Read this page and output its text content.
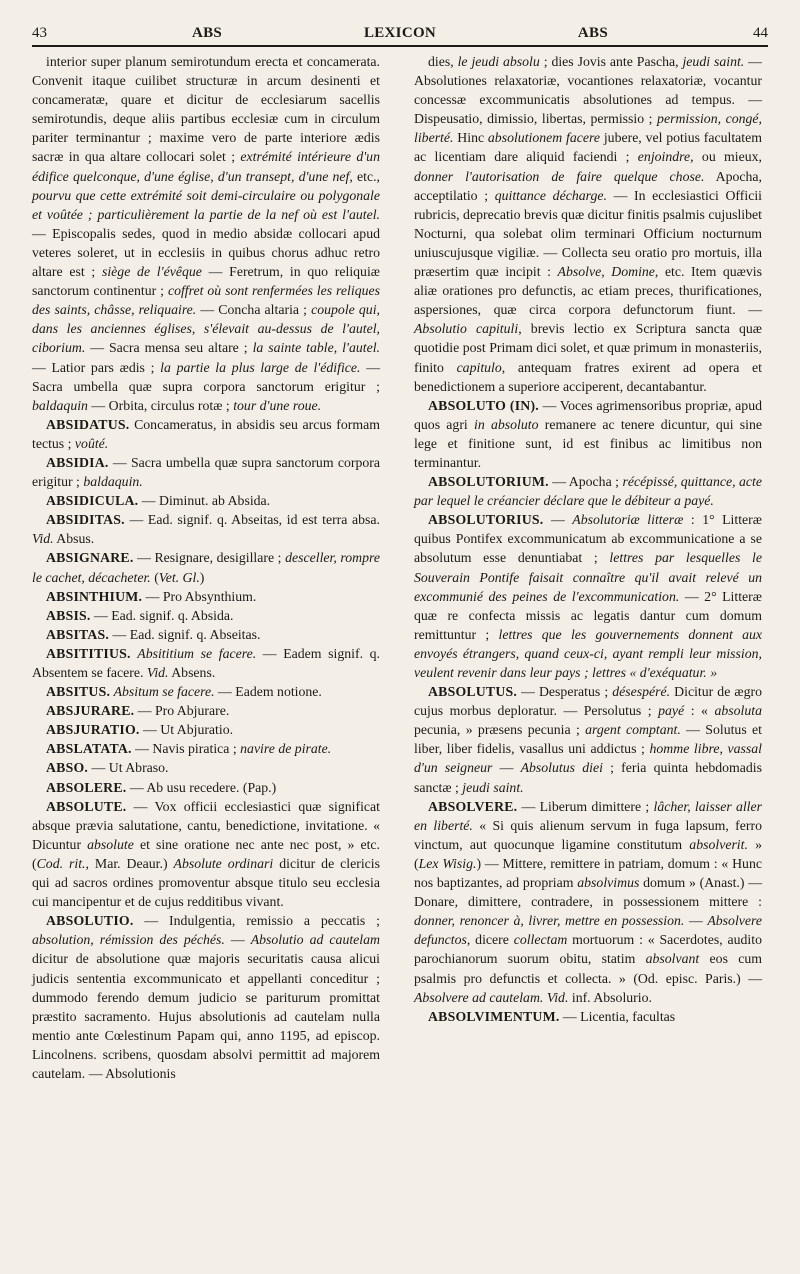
43	ABS	LEXICON	ABS	44

interior super planum semirotundum erecta et concamerata. Convenit itaque cuilibet structuræ in arcum desinenti et concameratæ, quare et dicitur de ecclesiarum sacellis semirotundis, deque aliis partibus ecclesiæ cum in circulum pariter terminantur ; maxime vero de parte interiore ædis sacræ in qua altare collocari solet ; extrémité intérieure d'un édifice quelconque, d'une église, d'un transept, d'une nef, etc., pourvu que cette extrémité soit demi-circulaire ou polygonale et voûtée ; particulièrement la partie de la nef où est l'autel. — Episcopalis sedes, quod in medio absidæ collocari apud veteres soleret, ut in ecclesiis in quibus chorus adhuc retro altare est ; siège de l'évêque — Feretrum, in quo reliquiæ sanctorum continentur ; coffret où sont renfermées les reliques des saints, châsse, reliquaire. — Concha altaria ; coupole qui, dans les anciennes églises, s'élevait au-dessus de l'autel, ciborium. — Sacra mensa seu altare ; la sainte table, l'autel. — Latior pars ædis ; la partie la plus large de l'édifice. — Sacra umbella quæ supra corpora sanctorum erigitur ; baldaquin — Orbita, circulus rotæ ; tour d'une roue.

ABSIDATUS. Concameratus, in absidis seu arcus formam tectus ; voûté.

ABSIDIA. — Sacra umbella quæ supra sanctorum corpora erigitur ; baldaquin.

ABSIDICULA. — Diminut. ab Absida.

ABSIDITAS. — Ead. signif. q. Abseitas, id est terra absa. Vid. Absus.

ABSIGNARE. — Resignare, desigillare ; desceller, rompre le cachet, décacheter. (Vet. Gl.)

ABSINTHIUM. — Pro Absynthium.

ABSIS. — Ead. signif. q. Absida.

ABSITAS. — Ead. signif. q. Abseitas.

ABSITITIUS. Absititium se facere. — Eadem signif. q. Absentem se facere. Vid. Absens.

ABSITUS. Absitum se facere. — Eadem notione.

ABSJURARE. — Pro Abjurare.

ABSJURATIO. — Ut Abjuratio.

ABSLATATA. — Navis piratica ; navire de pirate.

ABSO. — Ut Abraso.

ABSOLERE. — Ab usu recedere. (Pap.)

ABSOLUTE. — Vox officii ecclesiastici quæ significat absque prævia salutatione, cantu, benedictione, invitatione. « Dicuntur absolute et sine oratione nec ante nec post, » etc. (Cod. rit., Mar. Deaur.) Absolute ordinari dicitur de clericis qui ad sacros ordines promoventur absque titulo seu ecclesia cui mancipentur et de cujus redditibus vivant.

ABSOLUTIO. — Indulgentia, remissio a peccatis ; absolution, rémission des péchés. — Absolutio ad cautelam dicitur de absolutione quæ majoris securitatis causa alicui judicis sententia excommunicato et appellanti conceditur ; dummodo ferendo demum judicio se pariturum promittat præstito sacramento. Hujus absolutionis ad cautelam nulla mentio ante Cœlestinum Papam qui, anno 1195, ad episcop. Lincolnens. scribens, quosdam absolvi permittit ad majorem cautelam. — Absolutionis

dies, le jeudi absolu ; dies Jovis ante Pascha, jeudi saint. — Absolutiones relaxatoriæ, vocantiones relaxatoriæ, vocantur concessæ excommunicatis absolutiones ad tempus. — Dispeusatio, dimissio, libertas, permissio ; permission, congé, liberté. Hinc absolutionem facere jubere, vel potius facultatem ac licentiam dare aliquid faciendi ; enjoindre, ou mieux, donner l'autorisation de faire quelque chose. Apocha, acceptilatio ; quittance décharge. — In ecclesiastici Officii rubricis, deprecatio brevis quæ dicitur finitis psalmis cujuslibet Nocturni, qua solebat olim terminari Officium nocturnum uniuscujusque vigiliæ. — Collecta seu oratio pro mortuis, illa præsertim quæ incipit : Absolve, Domine, etc. Item quævis aliæ orationes pro defunctis, ac etiam preces, thurificationes, aspersiones, quæ circa corpora defunctorum fiunt. — Absolutio capituli, brevis lectio ex Scriptura sancta quæ quotidie post Primam dici solet, et quæ primum in monasteriis, finito capitulo, antequam fratres exirent ad opera et benedictionem a superiore acciperent, decantabantur.

ABSOLUTO (IN). — Voces agrimensoribus propriæ, apud quos agri in absoluto remanere ac tenere dicuntur, qui sine lege et finitione sunt, id est finibus ac limitibus non terminantur.

ABSOLUTORIUM. — Apocha ; récépissé, quittance, acte par lequel le créancier déclare que le débiteur a payé.

ABSOLUTORIUS. — Absolutoriæ litteræ : 1° Litteræ quibus Pontifex excommunicatum ab excommunicatione a se absolutum esse denuntiabat ; lettres par lesquelles le Souverain Pontife faisait connaître qu'il avait relevé un excommunié des peines de l'excommunication. — 2° Litteræ quæ re confecta missis ac legatis dantur cum domum remittuntur ; lettres que les gouvernements donnent aux envoyés étrangers, quand ceux-ci, ayant rempli leur mission, veulent revenir dans leur pays ; lettres « d'exéquatur. »

ABSOLUTUS. — Desperatus ; désespéré. Dicitur de ægro cujus morbus deploratur. — Persolutus ; payé : « absoluta pecunia, » præsens pecunia ; argent comptant. — Solutus et liber, liber fidelis, vasallus uni addictus ; homme libre, vassal d'un seigneur — Absolutus diei ; feria quinta hebdomadis sanctæ ; jeudi saint.

ABSOLVERE. — Liberum dimittere ; lâcher, laisser aller en liberté. « Si quis alienum servum in fuga lapsum, ferro vinctum, aut quocunque ligamine constitutum absolverit. » (Lex Wisig.) — Mittere, remittere in patriam, domum : « Hunc nos baptizantes, ad propriam absolvimus domum » (Anast.) — Donare, dimittere, contradere, in possessionem mittere : donner, renoncer à, livrer, mettre en possession. — Absolvere defunctos, dicere collectam mortuorum : « Sacerdotes, audito parochianorum suorum obitu, statim absolvant eos cum psalmis pro defunctis et collecta. » (Od. episc. Paris.) — Absolvere ad cautelam. Vid. inf. Absolurio.

ABSOLVIMENTUM. — Licentia, facultas
